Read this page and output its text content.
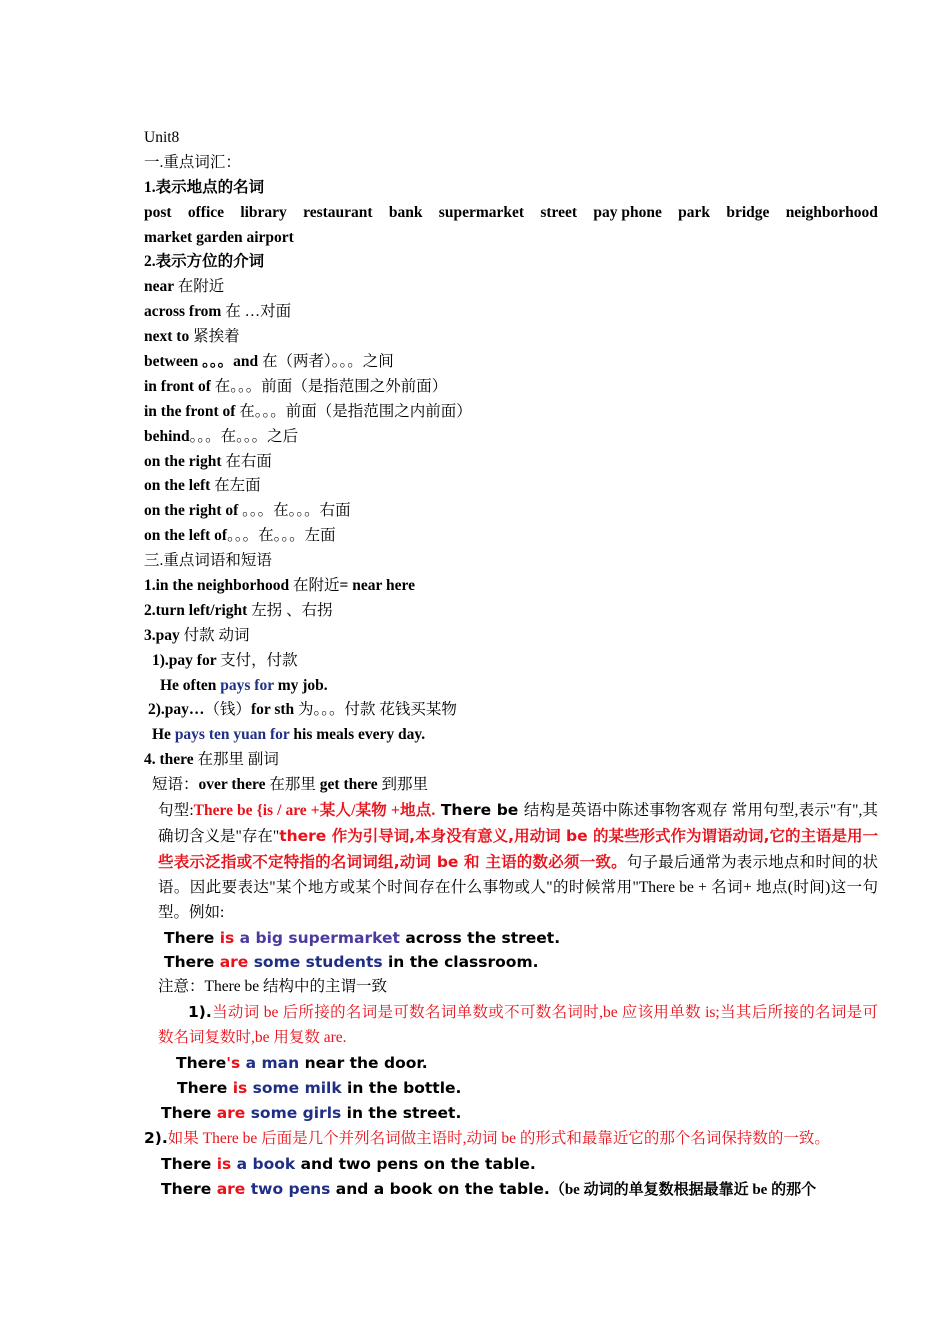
Unit8
一.重点词汇：
1.表示地点的名词
post office library restaurant bank supermarket street pay phone park bridge neighborhood
market garden airport
2.表示方位的介词
near 在附近
across from 在 …对面
next to 紧挨着
between 。。。and 在（两者）。。。之间
in front of 在。。。前面（是指范围之外前面）
in the front of 在。。。前面（是指范围之内前面）
behind。。。在。。。之后
on the right 在右面
on the left 在左面
on the right of 。。。在。。。右面
on the left of。。。在。。。左面
三.重点词语和短语
1.in the neighborhood 在附近= near here
2.turn left/right 左拐 、右拐
3.pay 付款 动词
1).pay for 支付，付款
He often pays for my job.
2).pay…（钱）for sth 为。。。付款 花钱买某物
He pays ten yuan for his meals every day.
4. there 在那里 副词
短语：over there 在那里 get there 到那里
句型:There be {is / are +某人/某物 +地点. There be 结构是英语中陈述事物客观存 常用句型,表示"有",其确切含义是"存在"there 作为引导词,本身没有意义,用动词 be 的某些形式作为谓语动词,它的主语是用一些表示泛指或不定特指的名词词组,动词 be 和 主语的数必须一致。句子最后通常为表示地点和时间的状语。因此要表达"某个地方或某个时间存在什么事物或人"的时候常用"There be + 名词+ 地点(时间)这一句型。例如:
There is a big supermarket across the street.
There are some students in the classroom.
注意：There be 结构中的主谓一致
1).当动词 be 后所接的名词是可数名词单数或不可数名词时,be 应该用单数 is;当其后所接的名词是可数名词复数时,be 用复数 are.
There's a man near the door.
There is some milk in the bottle.
There are some girls in the street.
2).如果 There be 后面是几个并列名词做主语时,动词 be 的形式和最靠近它的那个名词保持数的一致。
There is a book and two pens on the table.
There are two pens and a book on the table.（be 动词的单复数根据最靠近 be 的那个
